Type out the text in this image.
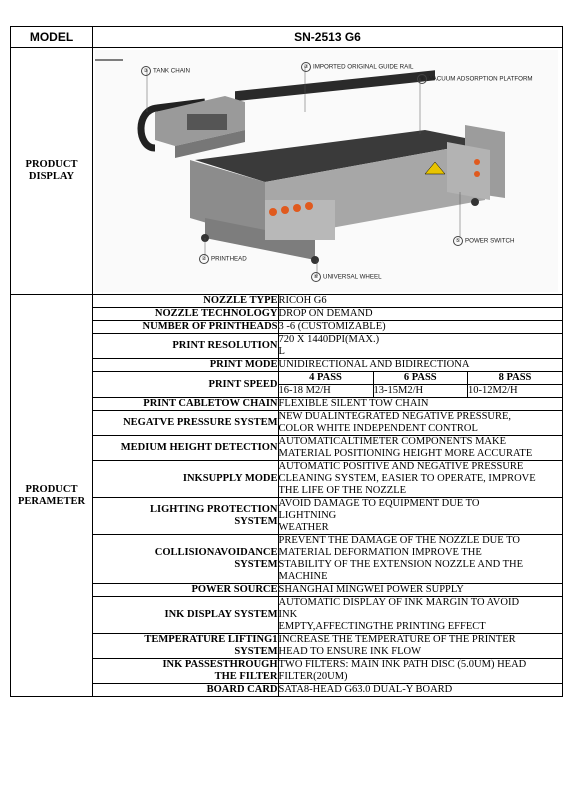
MODEL	SN-2513 G6
PRODUCT
DISPLAY	
③ TANK CHAIN
③ IMPORTED ORIGINAL GUIDE RAIL
④ VACUUM ADSORPTION PLATFORM
② PRINTHEAD
⑤ POWER SWITCH
⑥ UNIVERSAL WHEEL

PRODUCT
PERAMETER	
NOZZLE TYPE	RICOH G6
NOZZLE TECHNOLOGY	DROP ON DEMAND
NUMBER OF PRINTHEADS	3 -6 (CUSTOMIZABLE)
PRINT RESOLUTION	720 X 1440DPI(MAX.)
L
PRINT MODE	UNIDIRECTIONAL AND BIDIRECTIONA
PRINT SPEED	
4 PASS	6 PASS	8 PASS
16-18 M2/H	13-15M2/H	10-12M2/H

PRINT CABLETOW CHAIN	FLEXIBLE SILENT TOW CHAIN
NEGATVE PRESSURE SYSTEM	NEW DUALINTEGRATED NEGATIVE PRESSURE,
COLOR WHITE INDEPENDENT CONTROL
MEDIUM HEIGHT DETECTION	AUTOMATICALTIMETER COMPONENTS MAKE
MATERIAL POSITIONING HEIGHT MORE ACCURATE
INKSUPPLY MODE	AUTOMATIC POSITIVE AND NEGATIVE PRESSURE
CLEANING SYSTEM, EASIER TO OPERATE, IMPROVE
THE LIFE OF THE NOZZLE
LIGHTING PROTECTION
SYSTEM	AVOID DAMAGE TO EQUIPMENT DUE TO
LIGHTNING
WEATHER
COLLISIONAVOIDANCE
SYSTEM	PREVENT THE DAMAGE OF THE NOZZLE DUE TO
MATERIAL DEFORMATION IMPROVE THE
STABILITY OF THE EXTENSION NOZZLE AND THE
MACHINE
POWER SOURCE	SHANGHAI MINGWEI POWER SUPPLY
INK DISPLAY SYSTEM	AUTOMATIC DISPLAY OF INK MARGIN TO AVOID
INK
EMPTY,AFFECTINGTHE PRINTING EFFECT
TEMPERATURE LIFTING1
SYSTEM	INCREASE THE TEMPERATURE OF THE PRINTER
HEAD TO ENSURE INK FLOW
INK PASSESTHROUGH
THE FILTER	TWO FILTERS: MAIN INK PATH DISC (5.0UM) HEAD
FILTER(20UM)
BOARD CARD	SATA8-HEAD G63.0 DUAL-Y BOARD
